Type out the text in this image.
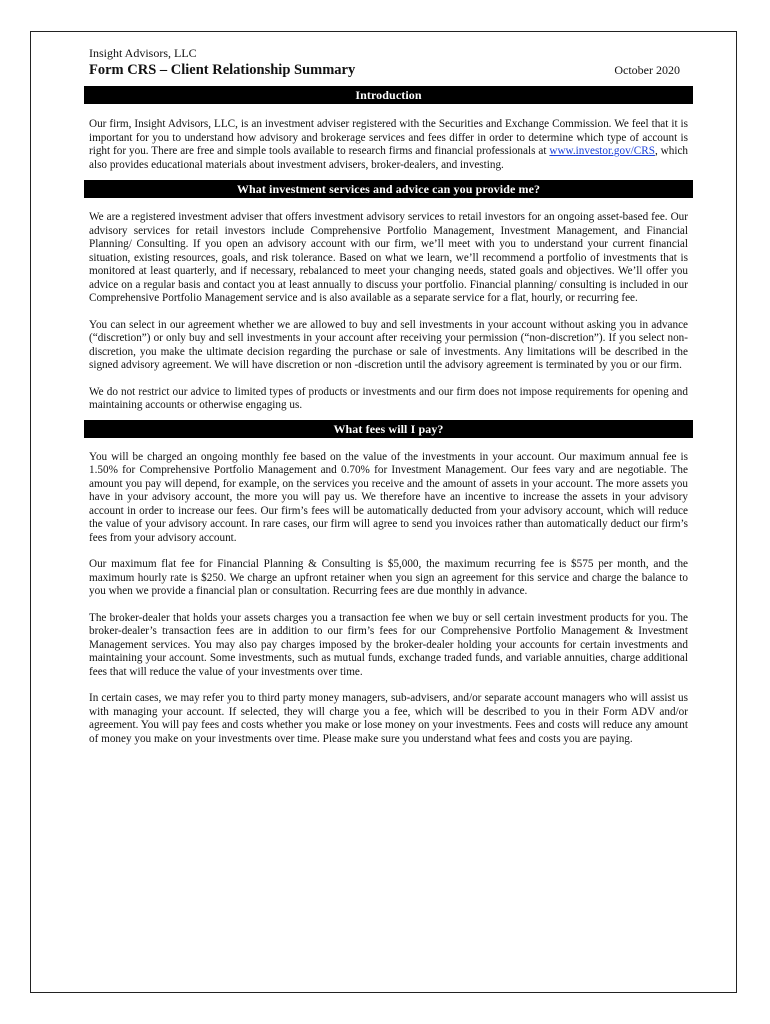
Insight Advisors, LLC

Form CRS – Client Relationship Summary	October 2020
Introduction

Our firm, Insight Advisors, LLC, is an investment adviser registered with the Securities and Exchange Commission. We feel that it is important for you to understand how advisory and brokerage services and fees differ in order to determine which type of account is right for you. There are free and simple tools available to research firms and financial professionals at www.investor.gov/CRS, which also provides educational materials about investment advisers, broker-dealers, and investing.

What investment services and advice can you provide me?

We are a registered investment adviser that offers investment advisory services to retail investors for an ongoing asset-based fee. Our advisory services for retail investors include Comprehensive Portfolio Management, Investment Management, and Financial Planning/ Consulting. If you open an advisory account with our firm, we’ll meet with you to understand your current financial situation, existing resources, goals, and risk tolerance. Based on what we learn, we’ll recommend a portfolio of investments that is monitored at least quarterly, and if necessary, rebalanced to meet your changing needs, stated goals and objectives. We’ll offer you advice on a regular basis and contact you at least annually to discuss your portfolio. Financial planning/ consulting is included in our Comprehensive Portfolio Management service and is also available as a separate service for a flat, hourly, or recurring fee.

You can select in our agreement whether we are allowed to buy and sell investments in your account without asking you in advance (“discretion”) or only buy and sell investments in your account after receiving your permission (“non-discretion”). If you select non-discretion, you make the ultimate decision regarding the purchase or sale of investments. Any limitations will be described in the signed advisory agreement. We will have discretion or non -discretion until the advisory agreement is terminated by you or our firm.

We do not restrict our advice to limited types of products or investments and our firm does not impose requirements for opening and maintaining accounts or otherwise engaging us.

What fees will I pay?

You will be charged an ongoing monthly fee based on the value of the investments in your account. Our maximum annual fee is 1.50% for Comprehensive Portfolio Management and 0.70% for Investment Management. Our fees vary and are negotiable. The amount you pay will depend, for example, on the services you receive and the amount of assets in your account. The more assets you have in your advisory account, the more you will pay us. We therefore have an incentive to increase the assets in your advisory account in order to increase our fees. Our firm’s fees will be automatically deducted from your advisory account, which will reduce the value of your advisory account. In rare cases, our firm will agree to send you invoices rather than automatically deduct our firm’s fees from your advisory account.

Our maximum flat fee for Financial Planning & Consulting is $5,000, the maximum recurring fee is $575 per month, and the maximum hourly rate is $250. We charge an upfront retainer when you sign an agreement for this service and charge the balance to you when we provide a financial plan or consultation. Recurring fees are due monthly in advance.

The broker-dealer that holds your assets charges you a transaction fee when we buy or sell certain investment products for you. The broker-dealer’s transaction fees are in addition to our firm’s fees for our Comprehensive Portfolio Management & Investment Management services. You may also pay charges imposed by the broker-dealer holding your accounts for certain investments and maintaining your account. Some investments, such as mutual funds, exchange traded funds, and variable annuities, charge additional fees that will reduce the value of your investments over time.

In certain cases, we may refer you to third party money managers, sub-advisers, and/or separate account managers who will assist us with managing your account. If selected, they will charge you a fee, which will be described to you in their Form ADV and/or agreement. You will pay fees and costs whether you make or lose money on your investments. Fees and costs will reduce any amount of money you make on your investments over time. Please make sure you understand what fees and costs you are paying.
